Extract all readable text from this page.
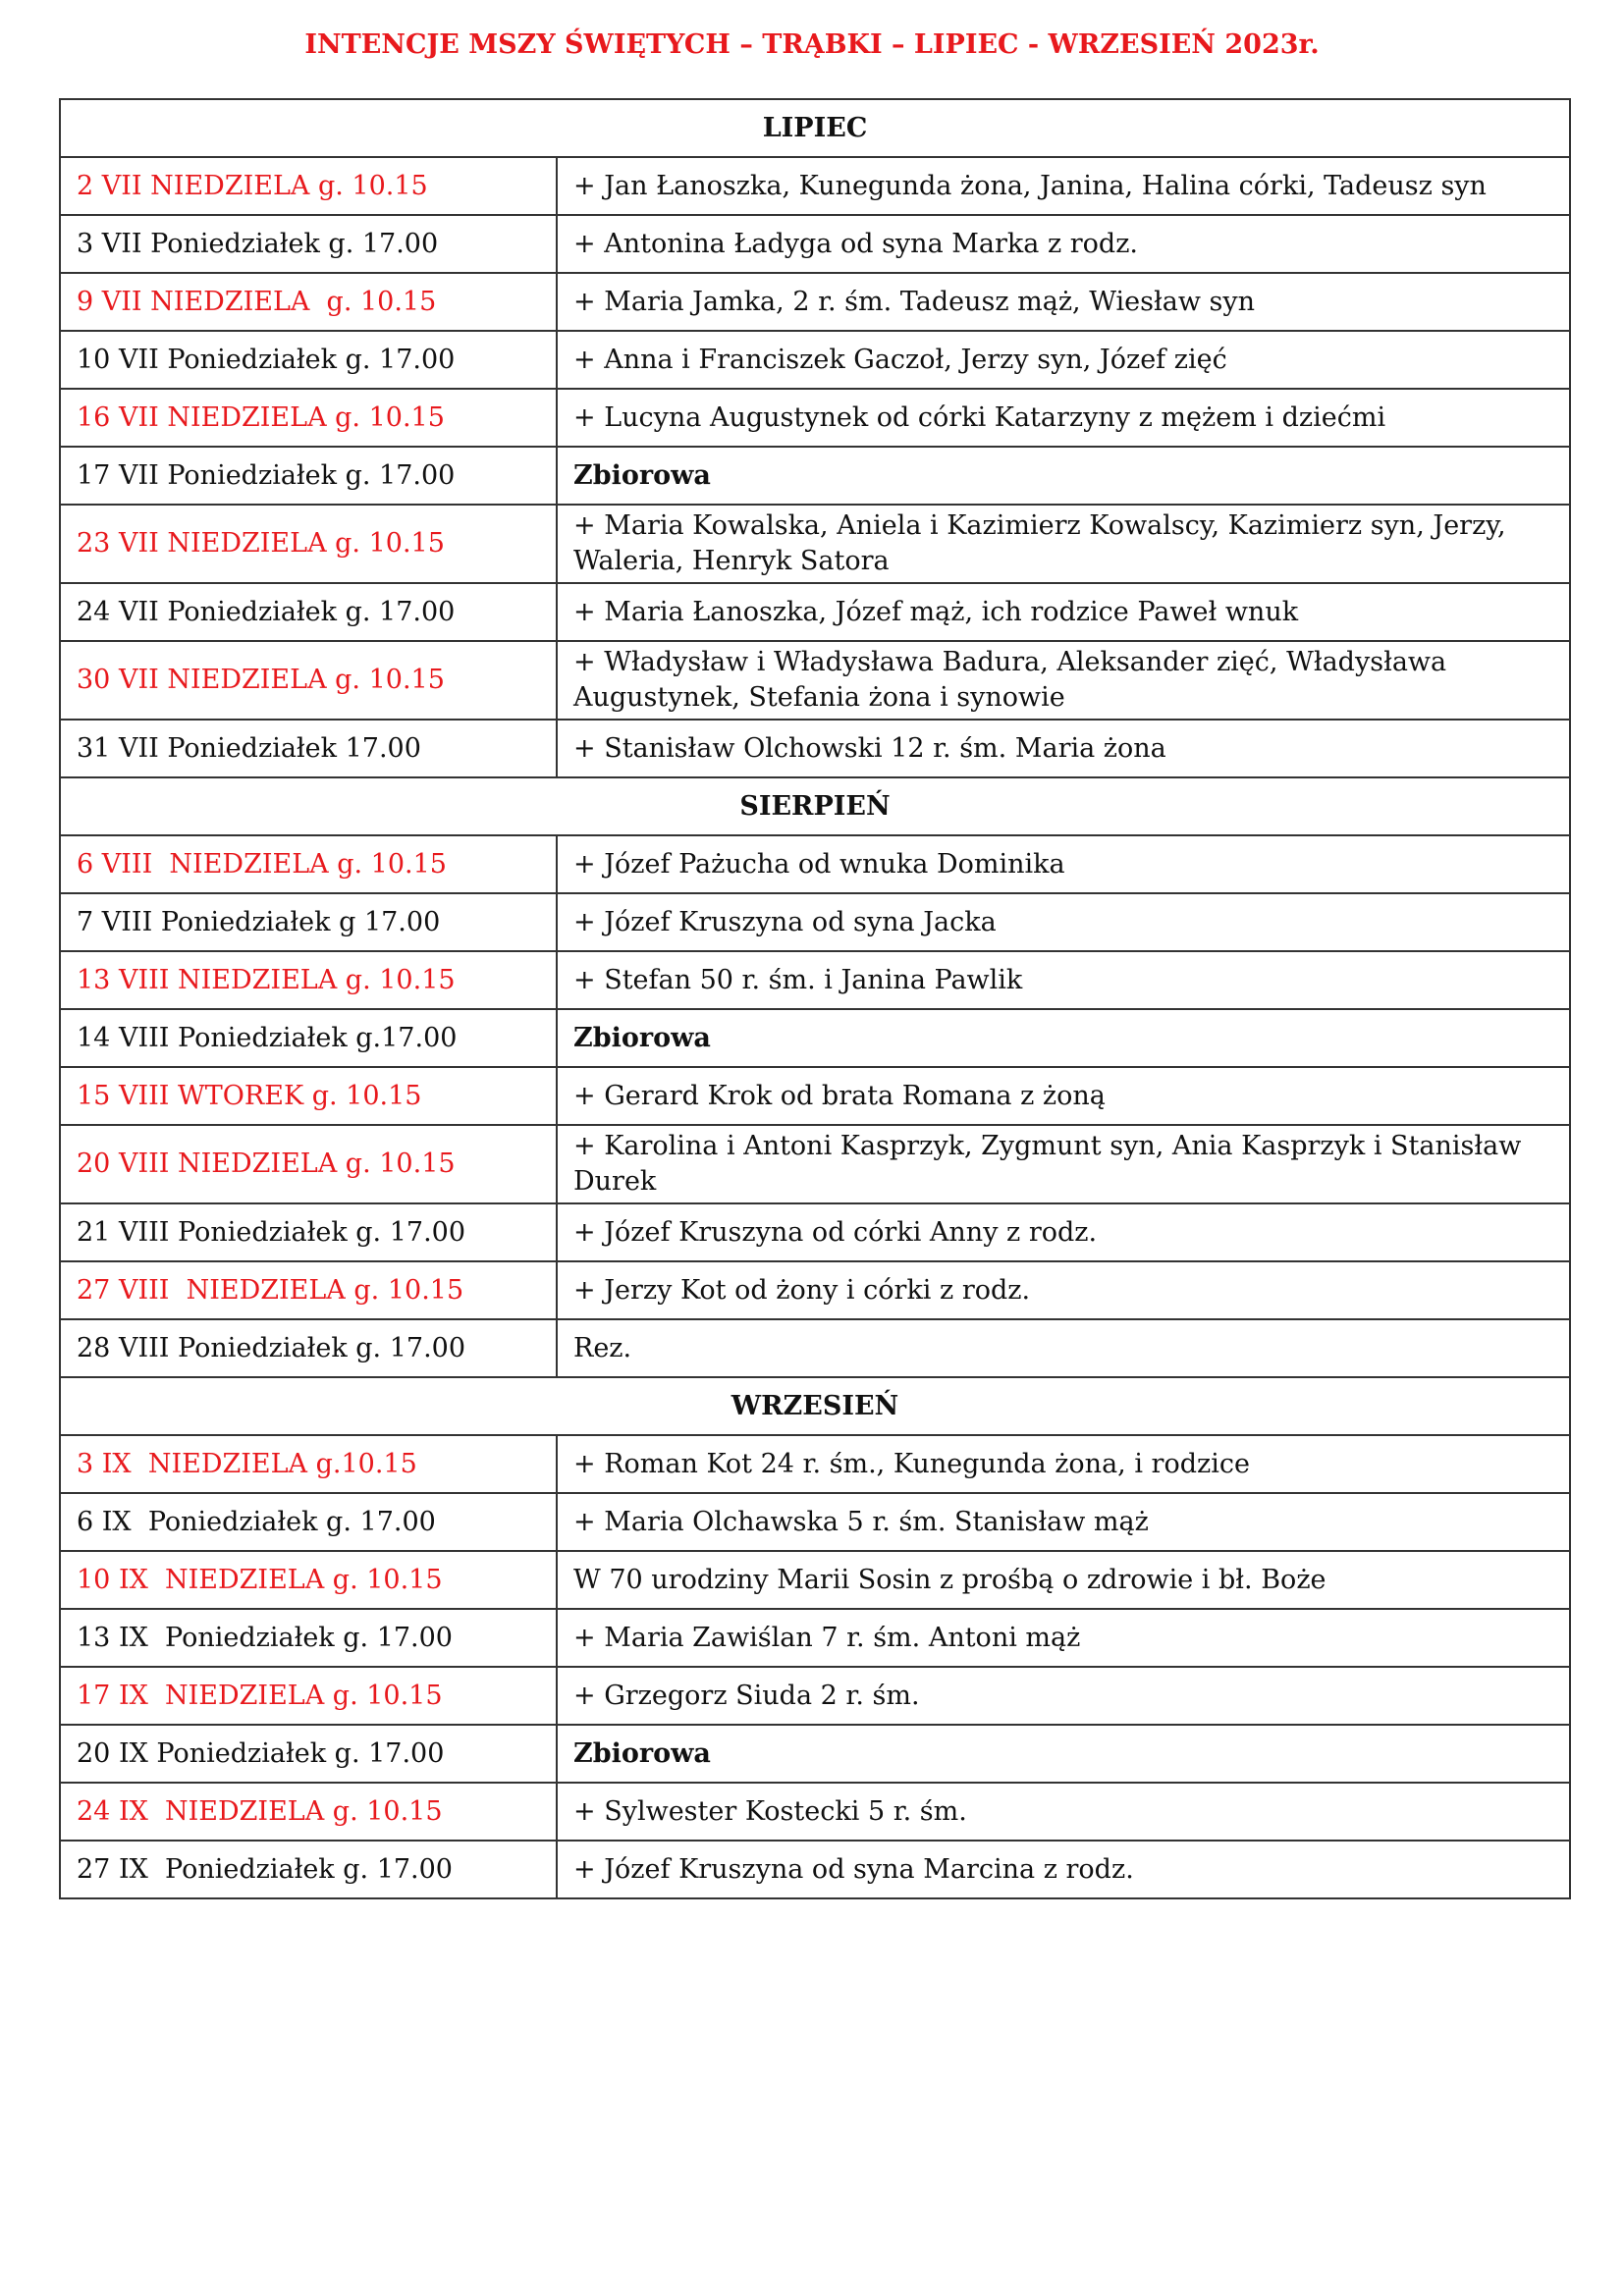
INTENCJE MSZY ŚWIĘTYCH – TRĄBKI – LIPIEC - WRZESIEŃ 2023r.
LIPIEC	
2 VII NIEDZIELA g. 10.15	+ Jan Łanoszka, Kunegunda żona, Janina, Halina córki, Tadeusz syn
3 VII Poniedziałek g. 17.00	+ Antonina Ładyga od syna Marka z rodz.
9 VII NIEDZIELA  g. 10.15	+ Maria Jamka, 2 r. śm. Tadeusz mąż, Wiesław syn
10 VII Poniedziałek g. 17.00	+ Anna i Franciszek Gaczoł, Jerzy syn, Józef zięć
16 VII NIEDZIELA g. 10.15	+ Lucyna Augustynek od córki Katarzyny z mężem i dziećmi
17 VII Poniedziałek g. 17.00	Zbiorowa
23 VII NIEDZIELA g. 10.15	+ Maria Kowalska, Aniela i Kazimierz Kowalscy, Kazimierz syn, Jerzy, Waleria, Henryk Satora
24 VII Poniedziałek g. 17.00	+ Maria Łanoszka, Józef mąż, ich rodzice Paweł wnuk
30 VII NIEDZIELA g. 10.15	+ Władysław i Władysława Badura, Aleksander zięć, Władysława Augustynek, Stefania żona i synowie
31 VII Poniedziałek 17.00	+ Stanisław Olchowski 12 r. śm. Maria żona
SIERPIEŃ	
6 VIII  NIEDZIELA g. 10.15	+ Józef Pażucha od wnuka Dominika
7 VIII Poniedziałek g 17.00	+ Józef Kruszyna od syna Jacka
13 VIII NIEDZIELA g. 10.15	+ Stefan 50 r. śm. i Janina Pawlik
14 VIII Poniedziałek g.17.00	Zbiorowa
15 VIII WTOREK g. 10.15	+ Gerard Krok od brata Romana z żoną
20 VIII NIEDZIELA g. 10.15	+ Karolina i Antoni Kasprzyk, Zygmunt syn, Ania Kasprzyk i Stanisław Durek
21 VIII Poniedziałek g. 17.00	+ Józef Kruszyna od córki Anny z rodz.
27 VIII  NIEDZIELA g. 10.15	+ Jerzy Kot od żony i córki z rodz.
28 VIII Poniedziałek g. 17.00	Rez.
WRZESIEŃ	
3 IX  NIEDZIELA g.10.15	+ Roman Kot 24 r. śm., Kunegunda żona, i rodzice
6 IX  Poniedziałek g. 17.00	+ Maria Olchawska 5 r. śm. Stanisław mąż
10 IX  NIEDZIELA g. 10.15	W 70 urodziny Marii Sosin z prośbą o zdrowie i bł. Boże
13 IX  Poniedziałek g. 17.00	+ Maria Zawiślan 7 r. śm. Antoni mąż
17 IX  NIEDZIELA g. 10.15	+ Grzegorz Siuda 2 r. śm.
20 IX Poniedziałek g. 17.00	Zbiorowa
24 IX  NIEDZIELA g. 10.15	+ Sylwester Kostecki 5 r. śm.
27 IX  Poniedziałek g. 17.00	+ Józef Kruszyna od syna Marcina z rodz.
